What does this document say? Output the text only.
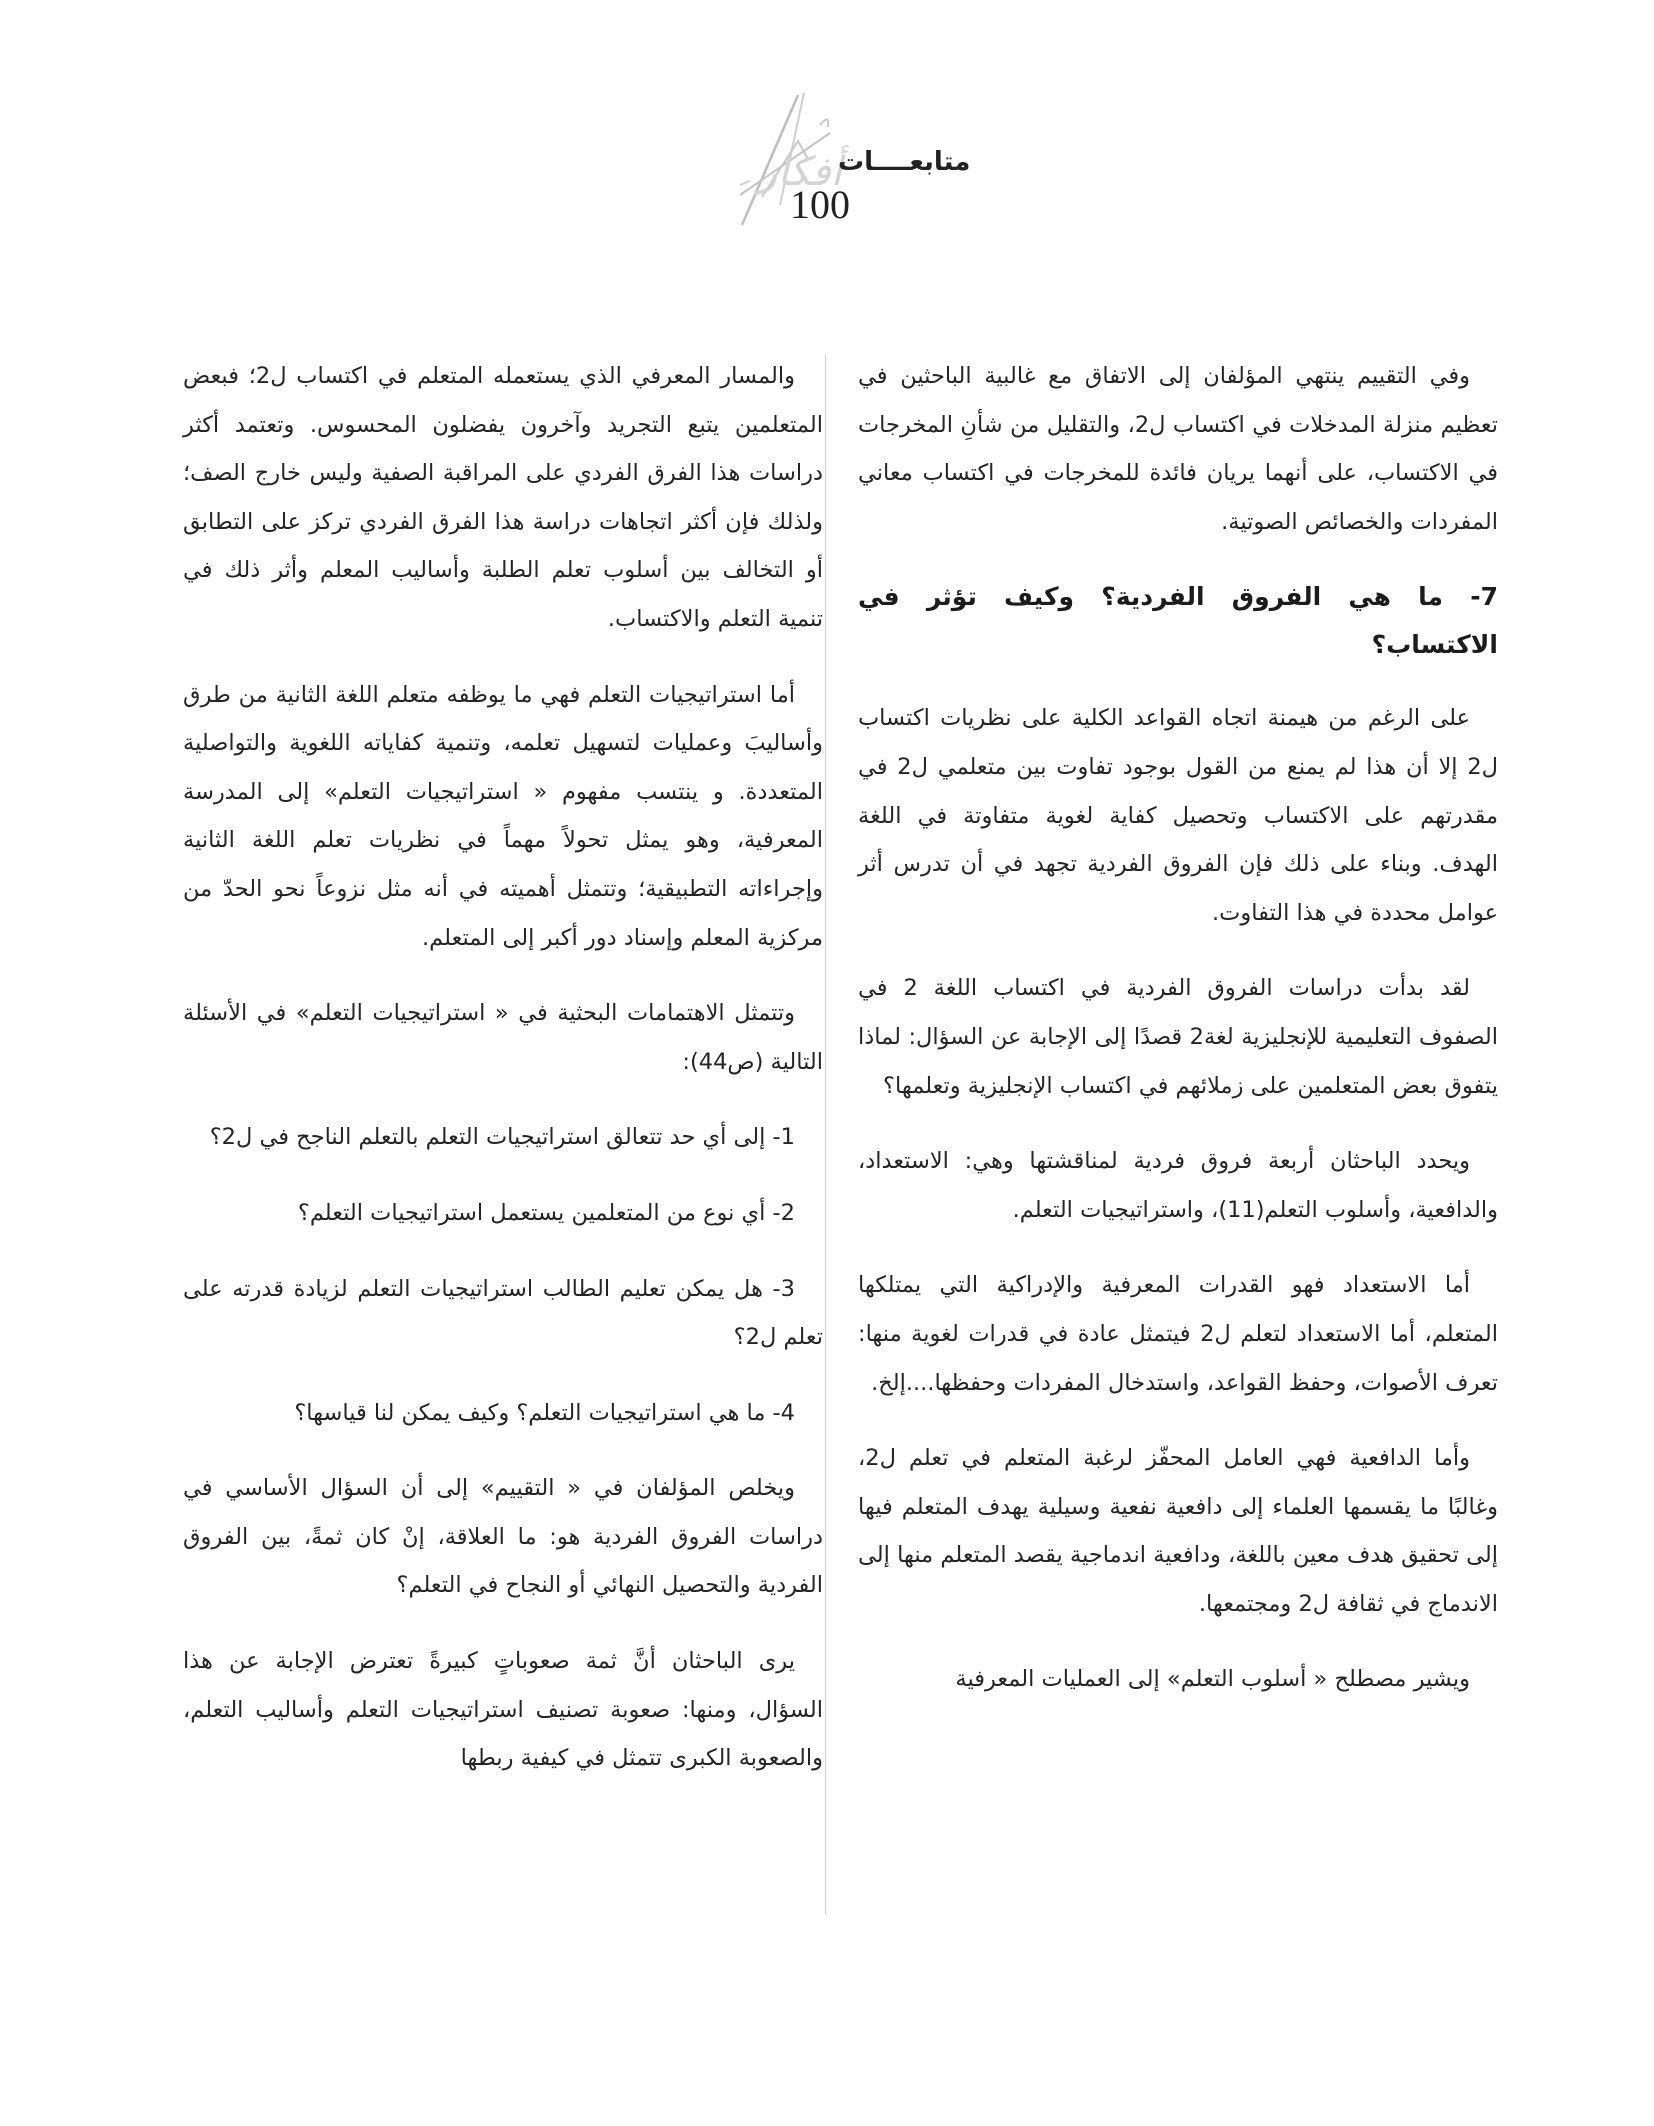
أفكار
متابعــــات
100

وفي التقييم ينتهي المؤلفان إلى الاتفاق مع غالبية الباحثين في تعظيم منزلة المدخلات في اكتساب ل2، والتقليل من شأنِ المخرجات في الاكتساب، على أنهما يريان فائدة للمخرجات في اكتساب معاني المفردات والخصائص الصوتية.

7- ما هي الفروق الفردية؟ وكيف تؤثر في الاكتساب؟

على الرغم من هيمنة اتجاه القواعد الكلية على نظريات اكتساب ل2 إلا أن هذا لم يمنع من القول بوجود تفاوت بين متعلمي ل2 في مقدرتهم على الاكتساب وتحصيل كفاية لغوية متفاوتة في اللغة الهدف. وبناء على ذلك فإن الفروق الفردية تجهد في أن تدرس أثر عوامل محددة في هذا التفاوت.

لقد بدأت دراسات الفروق الفردية في اكتساب اللغة 2 في الصفوف التعليمية للإنجليزية لغة2 قصدًا إلى الإجابة عن السؤال: لماذا يتفوق بعض المتعلمين على زملائهم في اكتساب الإنجليزية وتعلمها؟

ويحدد الباحثان أربعة فروق فردية لمناقشتها وهي: الاستعداد، والدافعية، وأسلوب التعلم(11)، واستراتيجيات التعلم.

أما الاستعداد فهو القدرات المعرفية والإدراكية التي يمتلكها المتعلم، أما الاستعداد لتعلم ل2 فيتمثل عادة في قدرات لغوية منها: تعرف الأصوات، وحفظ القواعد، واستدخال المفردات وحفظها....إلخ.

وأما الدافعية فهي العامل المحفّز لرغبة المتعلم في تعلم ل2، وغالبًا ما يقسمها العلماء إلى دافعية نفعية وسيلية يهدف المتعلم فيها إلى تحقيق هدف معين باللغة، ودافعية اندماجية يقصد المتعلم منها إلى الاندماج في ثقافة ل2 ومجتمعها.

ويشير مصطلح « أسلوب التعلم» إلى العمليات المعرفية

والمسار المعرفي الذي يستعمله المتعلم في اكتساب ل2؛ فبعض المتعلمين يتبع التجريد وآخرون يفضلون المحسوس. وتعتمد أكثر دراسات هذا الفرق الفردي على المراقبة الصفية وليس خارج الصف؛ ولذلك فإن أكثر اتجاهات دراسة هذا الفرق الفردي تركز على التطابق أو التخالف بين أسلوب تعلم الطلبة وأساليب المعلم وأثر ذلك في تنمية التعلم والاكتساب.

أما استراتيجيات التعلم فهي ما يوظفه متعلم اللغة الثانية من طرق وأساليبَ وعمليات لتسهيل تعلمه، وتنمية كفاياته اللغوية والتواصلية المتعددة. و ينتسب مفهوم « استراتيجيات التعلم» إلى المدرسة المعرفية، وهو يمثل تحولاً مهماً في نظريات تعلم اللغة الثانية وإجراءاته التطبيقية؛ وتتمثل أهميته في أنه مثل نزوعاً نحو الحدّ من مركزية المعلم وإسناد دور أكبر إلى المتعلم.

وتتمثل الاهتمامات البحثية في « استراتيجيات التعلم» في الأسئلة التالية (ص44):

1- إلى أي حد تتعالق استراتيجيات التعلم بالتعلم الناجح في ل2؟

2- أي نوع من المتعلمين يستعمل استراتيجيات التعلم؟

3- هل يمكن تعليم الطالب استراتيجيات التعلم لزيادة قدرته على تعلم ل2؟

4- ما هي استراتيجيات التعلم؟ وكيف يمكن لنا قياسها؟

ويخلص المؤلفان في « التقييم» إلى أن السؤال الأساسي في دراسات الفروق الفردية هو: ما العلاقة، إنْ كان ثمةً، بين الفروق الفردية والتحصيل النهائي أو النجاح في التعلم؟

يرى الباحثان أنَّ ثمة صعوباتٍ كبيرةً تعترض الإجابة عن هذا السؤال، ومنها: صعوبة تصنيف استراتيجيات التعلم وأساليب التعلم، والصعوبة الكبرى تتمثل في كيفية ربطها
